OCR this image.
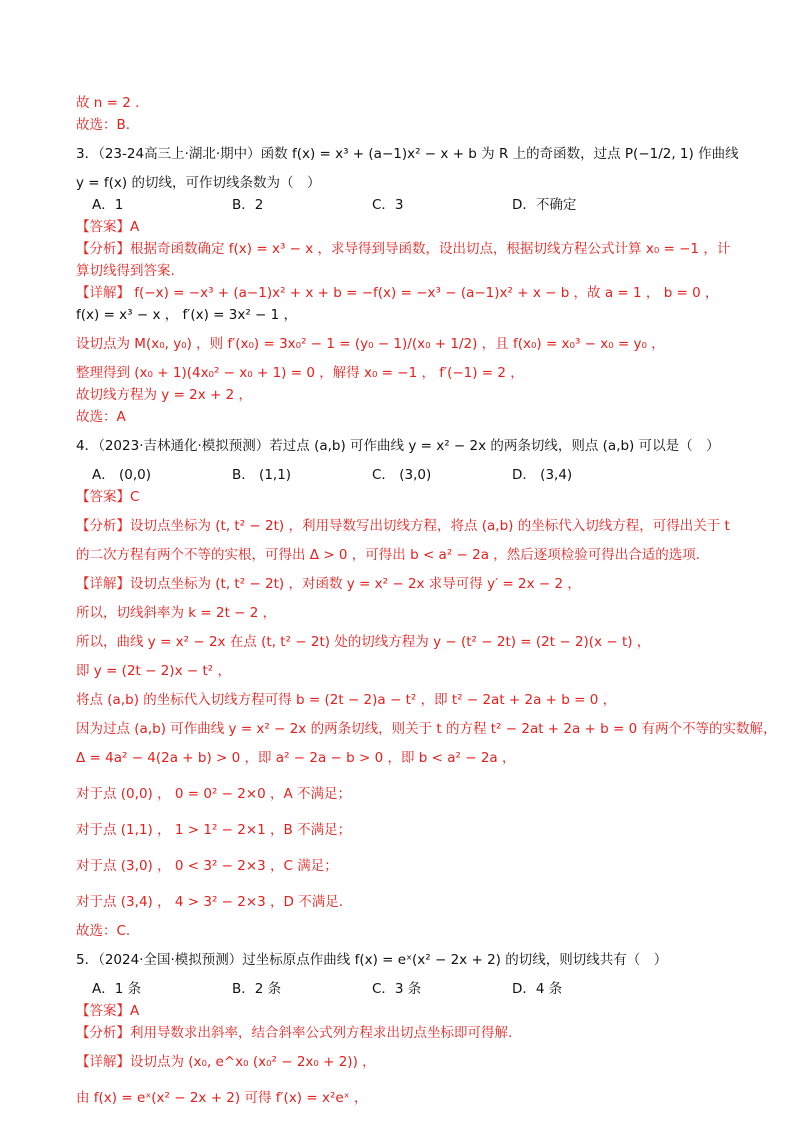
故 n = 2 .

故选：B.

3．（23-24高三上·湖北·期中）函数 f(x) = x³ + (a−1)x² − x + b 为 R 上的奇函数，过点 P(−1/2, 1) 作曲线

y = f(x) 的切线，可作切线条数为（　）

A．1	B．2	C．3	D．不确定

【答案】A

【分析】根据奇函数确定 f(x) = x³ − x ，求导得到导函数，设出切点，根据切线方程公式计算 x₀ = −1 ，计

算切线得到答案.

【详解】 f(−x) = −x³ + (a−1)x² + x + b = −f(x) = −x³ − (a−1)x² + x − b ，故 a = 1 ， b = 0 ，

f(x) = x³ − x ， f′(x) = 3x² − 1 ，

设切点为 M(x₀, y₀) ，则 f′(x₀) = 3x₀² − 1 = (y₀ − 1)/(x₀ + 1/2) ，且 f(x₀) = x₀³ − x₀ = y₀ ，

整理得到 (x₀ + 1)(4x₀² − x₀ + 1) = 0 ，解得 x₀ = −1 ， f′(−1) = 2 ，

故切线方程为 y = 2x + 2 ，

故选：A

4．（2023·吉林通化·模拟预测）若过点 (a,b) 可作曲线 y = x² − 2x 的两条切线，则点 (a,b) 可以是（　）

A． (0,0)	B． (1,1)	C． (3,0)	D． (3,4)

【答案】C

【分析】设切点坐标为 (t, t² − 2t) ，利用导数写出切线方程，将点 (a,b) 的坐标代入切线方程，可得出关于 t

的二次方程有两个不等的实根，可得出 Δ > 0 ，可得出 b < a² − 2a ，然后逐项检验可得出合适的选项.

【详解】设切点坐标为 (t, t² − 2t) ，对函数 y = x² − 2x 求导可得 y′ = 2x − 2 ，

所以，切线斜率为 k = 2t − 2 ，

所以，曲线 y = x² − 2x 在点 (t, t² − 2t) 处的切线方程为 y − (t² − 2t) = (2t − 2)(x − t) ，

即 y = (2t − 2)x − t² ，

将点 (a,b) 的坐标代入切线方程可得 b = (2t − 2)a − t² ，即 t² − 2at + 2a + b = 0 ，

因为过点 (a,b) 可作曲线 y = x² − 2x 的两条切线，则关于 t 的方程 t² − 2at + 2a + b = 0 有两个不等的实数解，

Δ = 4a² − 4(2a + b) > 0 ，即 a² − 2a − b > 0 ，即 b < a² − 2a ，

对于点 (0,0) ， 0 = 0² − 2×0 ，A 不满足；

对于点 (1,1) ， 1 > 1² − 2×1 ，B 不满足；

对于点 (3,0) ， 0 < 3² − 2×3 ，C 满足；

对于点 (3,4) ， 4 > 3² − 2×3 ，D 不满足.

故选：C.

5．（2024·全国·模拟预测）过坐标原点作曲线 f(x) = eˣ(x² − 2x + 2) 的切线，则切线共有（　）

A．1 条	B．2 条	C．3 条	D．4 条

【答案】A

【分析】利用导数求出斜率，结合斜率公式列方程求出切点坐标即可得解.

【详解】设切点为 (x₀, e^x₀ (x₀² − 2x₀ + 2)) ，

由 f(x) = eˣ(x² − 2x + 2) 可得 f′(x) = x²eˣ ，
